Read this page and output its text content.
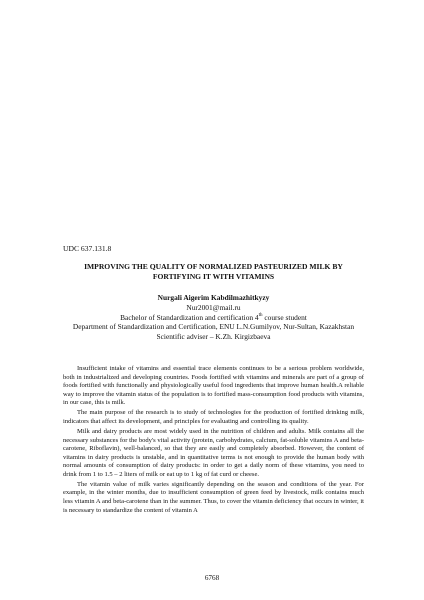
UDC 637.131.8
IMPROVING THE QUALITY OF NORMALIZED PASTEURIZED MILK BY FORTIFYING IT WITH VITAMINS
Nurgali Aigerim Kabdilmazhitkyzy
Nur2001@mail.ru
Bachelor of Standardization and certification 4th course student
Department of Standardization and Certification, ENU L.N.Gumilyov, Nur-Sultan, Kazakhstan
Scientific adviser – K.Zh. Kirgizbaeva

Insufficient intake of vitamins and essential trace elements continues to be a serious problem worldwide, both in industrialized and developing countries. Foods fortified with vitamins and minerals are part of a group of foods fortified with functionally and physiologically useful food ingredients that improve human health.A reliable way to improve the vitamin status of the population is to fortified mass-consumption food products with vitamins, in our case, this is milk.

The main purpose of the research is to study of technologies for the production of fortified drinking milk, indicators that affect its development, and principles for evaluating and controlling its quality.

Milk and dairy products are most widely used in the nutrition of children and adults. Milk contains all the necessary substances for the body's vital activity (protein, carbohydrates, calcium, fat-soluble vitamins A and beta-carotene, Riboflavin), well-balanced, so that they are easily and completely absorbed. However, the content of vitamins in dairy products is unstable, and in quantitative terms is not enough to provide the human body with normal amounts of consumption of dairy products: in order to get a daily norm of these vitamins, you need to drink from 1 to 1.5 – 2 liters of milk or eat up to 1 kg of fat curd or cheese.

The vitamin value of milk varies significantly depending on the season and conditions of the year. For example, in the winter months, due to insufficient consumption of green feed by livestock, milk contains much less vitamin A and beta-carotene than in the summer. Thus, to cover the vitamin deficiency that occurs in winter, it is necessary to standardize the content of vitamin A

6768
